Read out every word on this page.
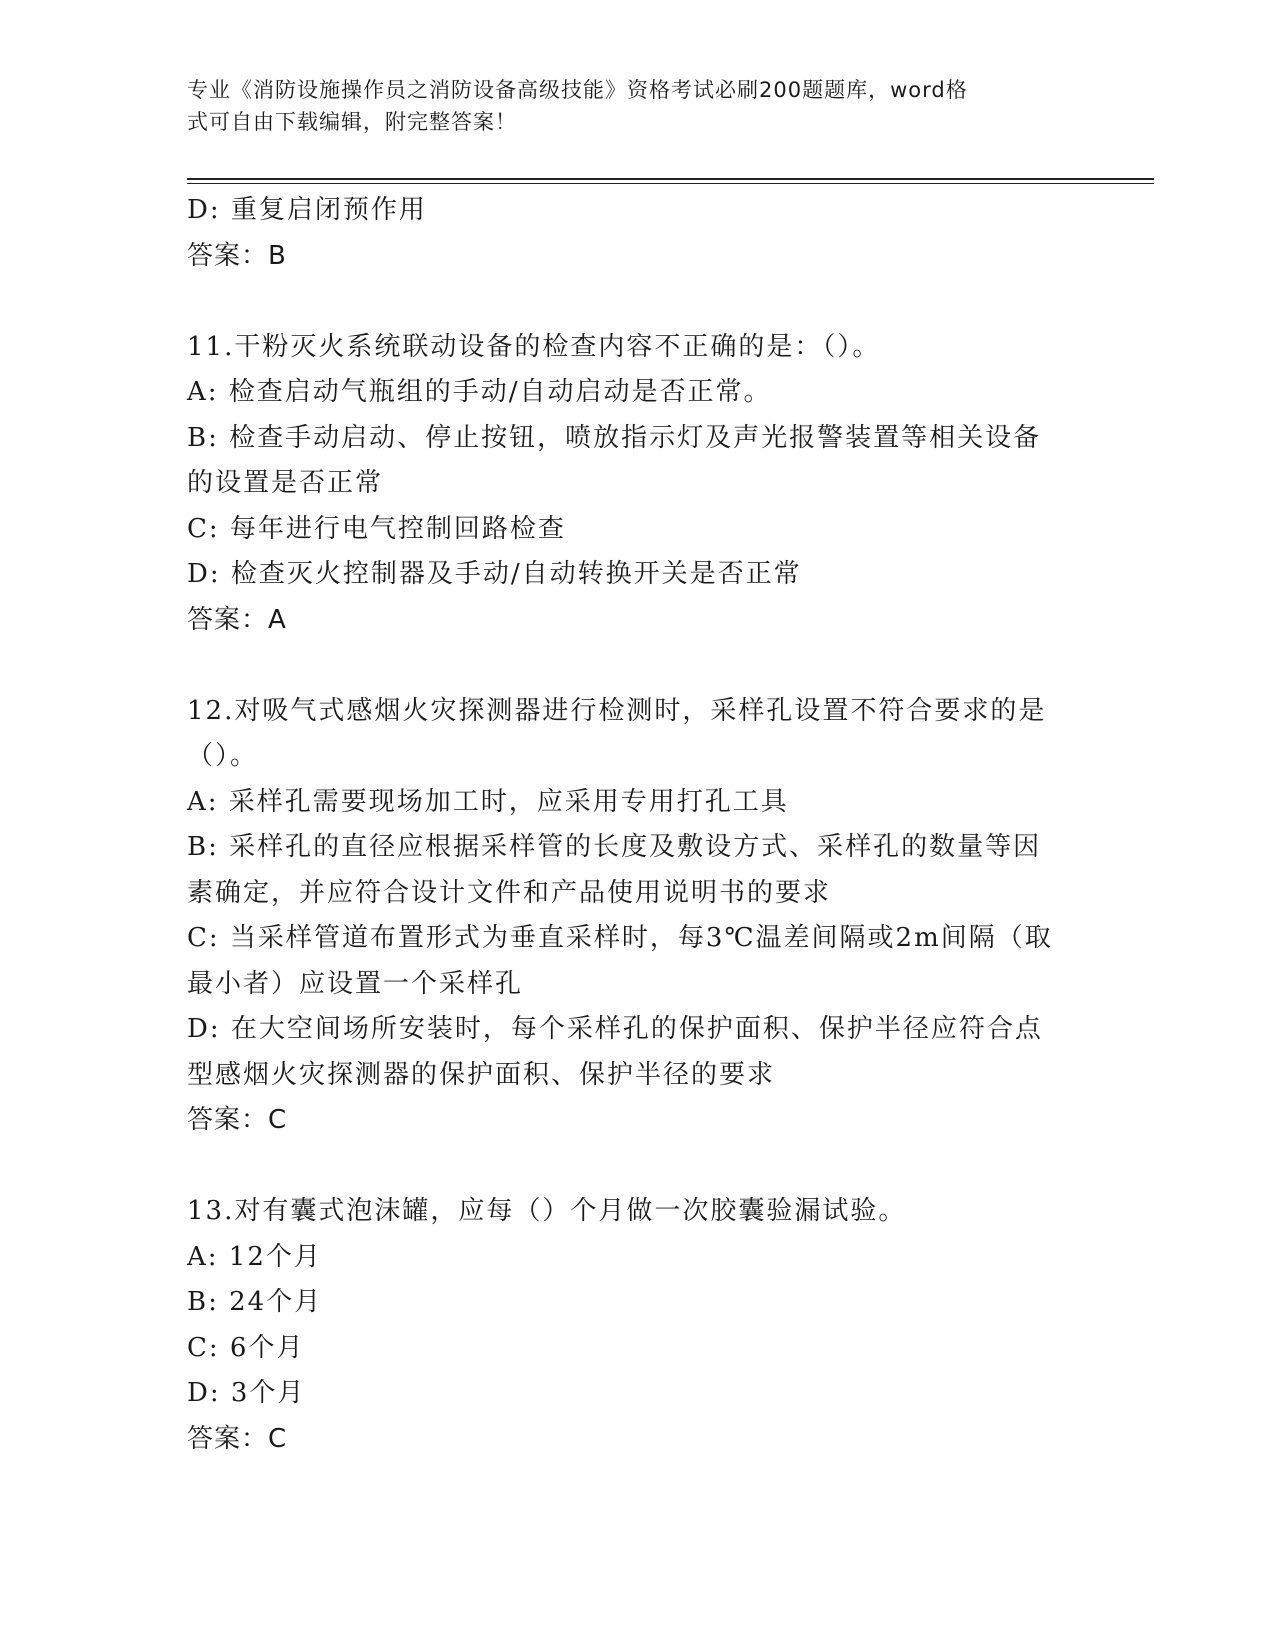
专业《消防设施操作员之消防设备高级技能》资格考试必刷200题题库，word格
式可自由下载编辑，附完整答案！

D: 重复启闭预作用

答案：B

11.干粉灭火系统联动设备的检查内容不正确的是：（）。

A: 检查启动气瓶组的手动/自动启动是否正常。

B: 检查手动启动、停止按钮，喷放指示灯及声光报警装置等相关设备

的设置是否正常

C: 每年进行电气控制回路检查

D: 检查灭火控制器及手动/自动转换开关是否正常

答案：A

12.对吸气式感烟火灾探测器进行检测时，采样孔设置不符合要求的是

（）。

A: 采样孔需要现场加工时，应采用专用打孔工具

B: 采样孔的直径应根据采样管的长度及敷设方式、采样孔的数量等因

素确定，并应符合设计文件和产品使用说明书的要求

C: 当采样管道布置形式为垂直采样时，每3℃温差间隔或2m间隔（取

最小者）应设置一个采样孔

D: 在大空间场所安装时，每个采样孔的保护面积、保护半径应符合点

型感烟火灾探测器的保护面积、保护半径的要求

答案：C

13.对有囊式泡沫罐，应每（）个月做一次胶囊验漏试验。

A: 12个月

B: 24个月

C: 6个月

D: 3个月

答案：C
